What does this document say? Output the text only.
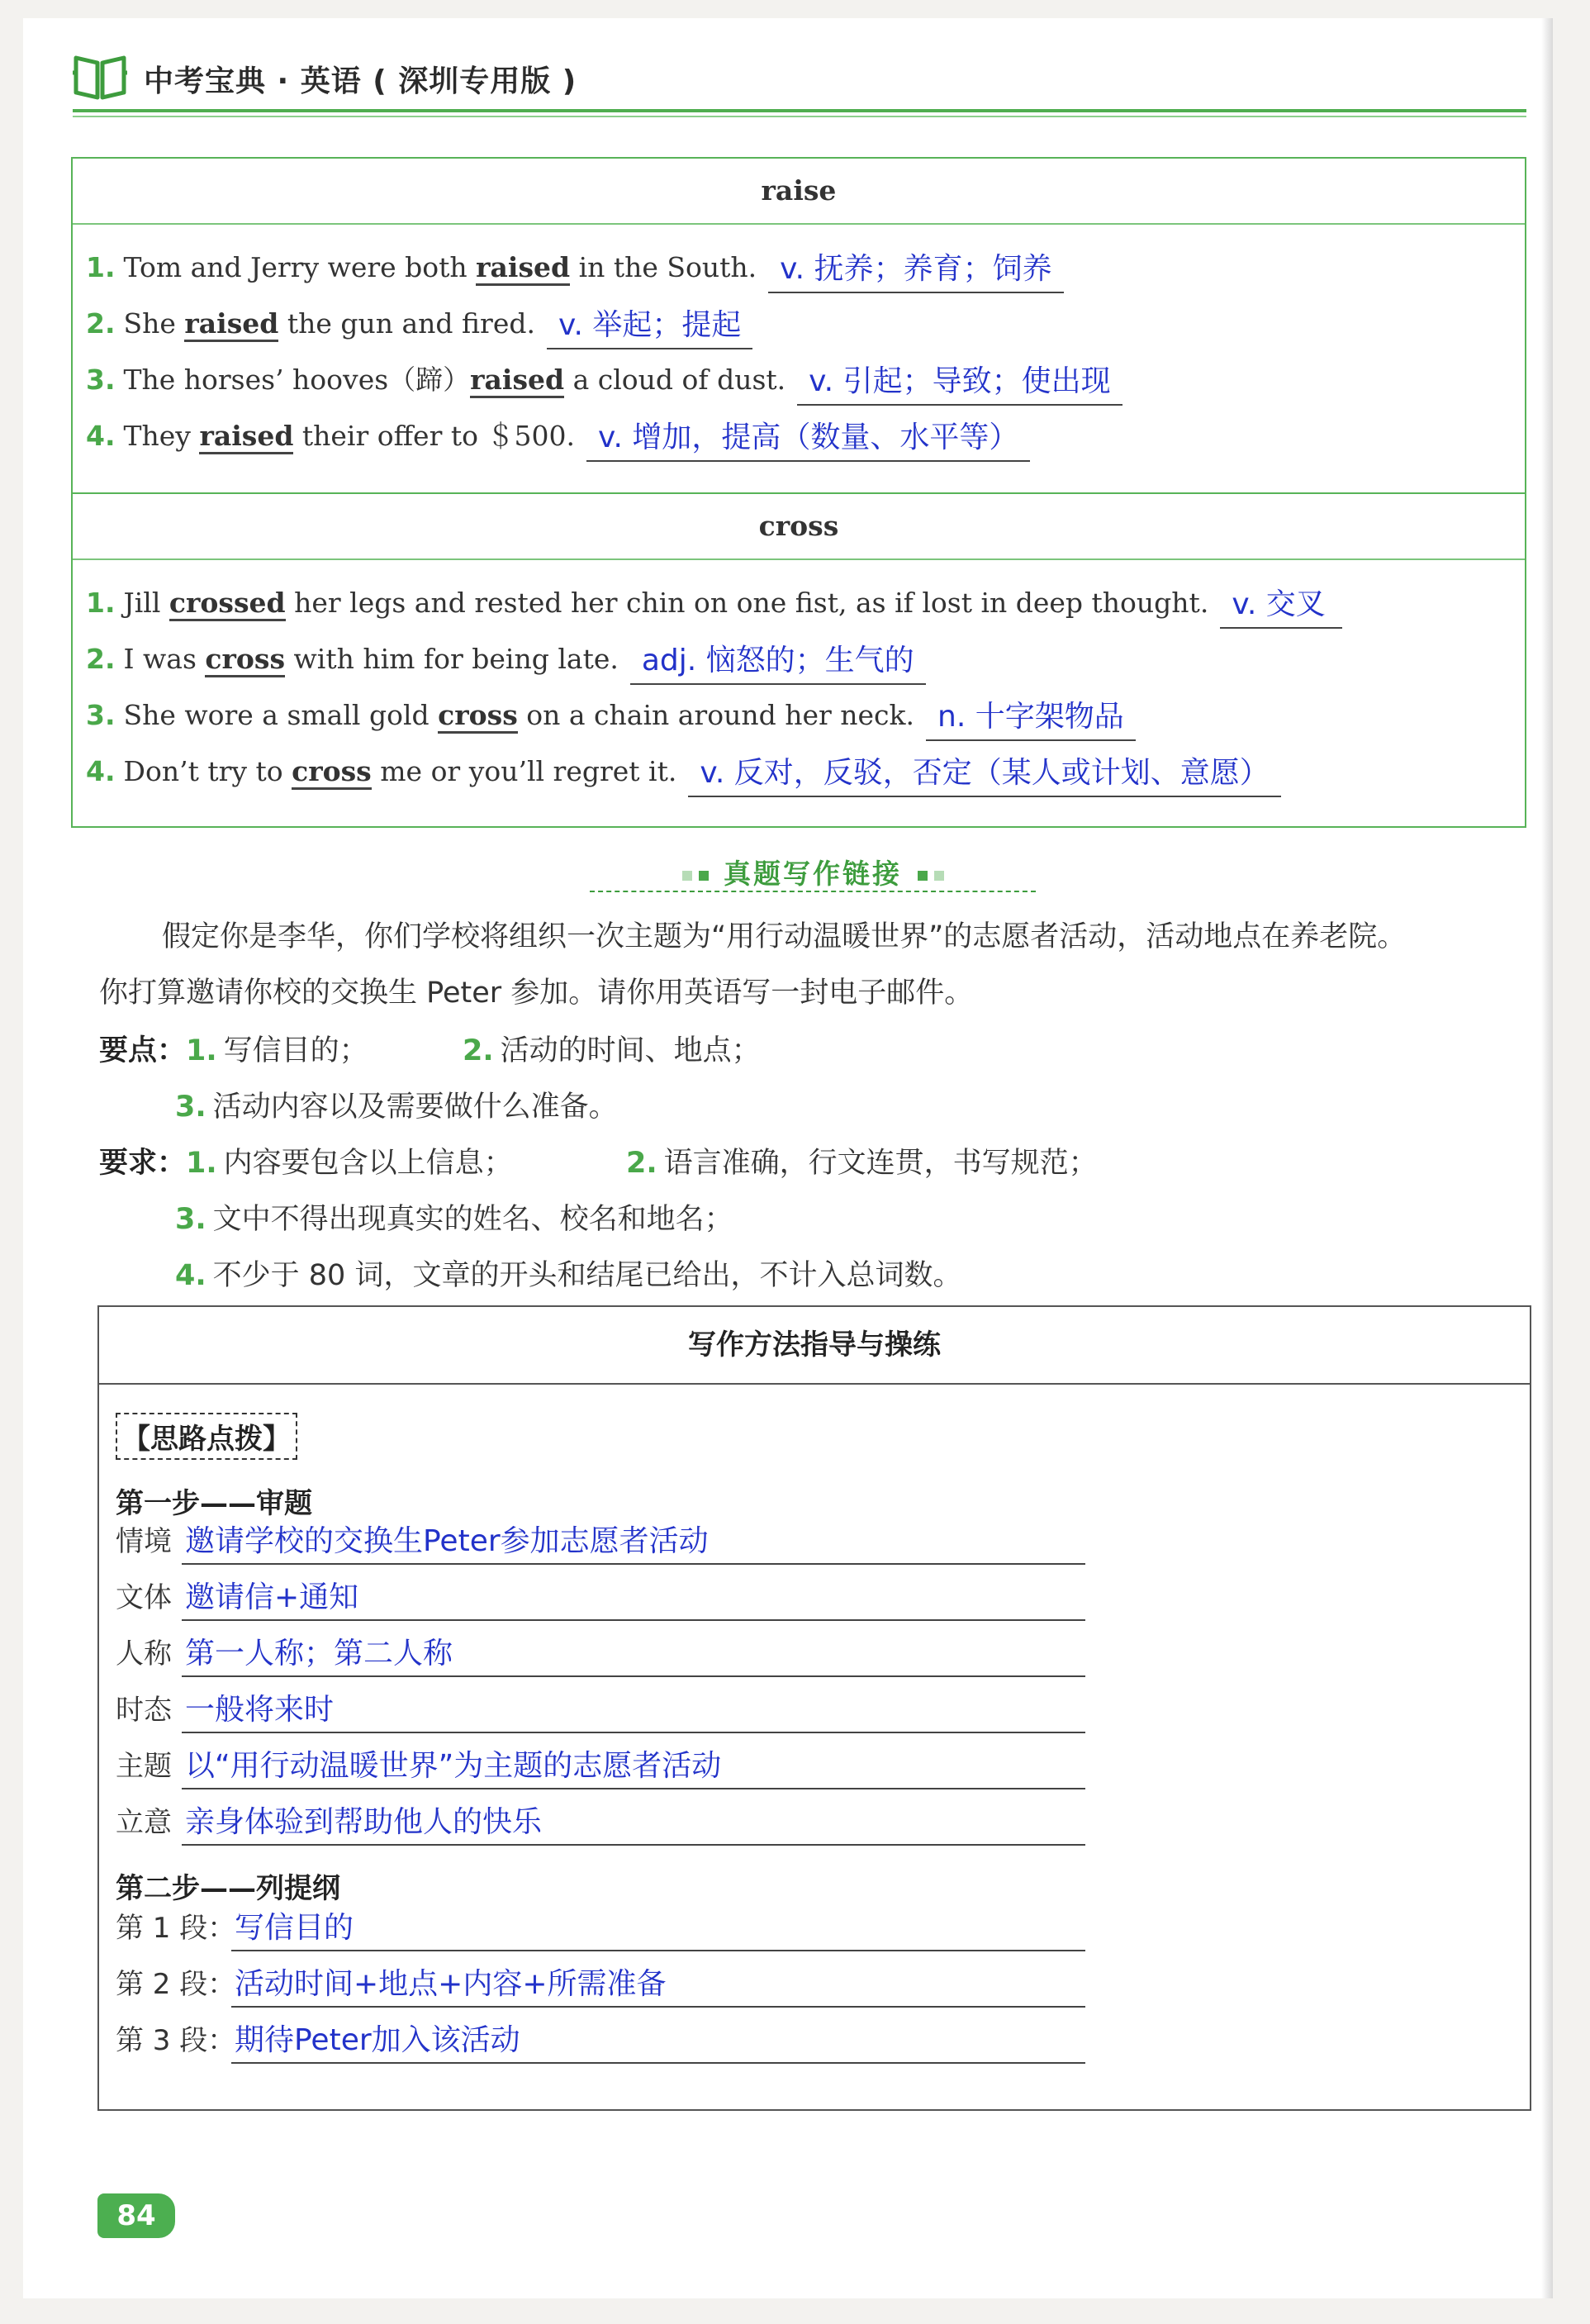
中考宝典 · 英语 ( 深圳专用版 )
raise
1. Tom and Jerry were both raised in the South. v. 抚养；养育；饲养
2. She raised the gun and fired. v. 举起；提起
3. The horses’ hooves（蹄）raised a cloud of dust. v. 引起；导致；使出现
4. They raised their offer to ＄500. v. 增加，提高（数量、水平等）
cross
1. Jill crossed her legs and rested her chin on one fist, as if lost in deep thought. v. 交叉
2. I was cross with him for being late. adj. 恼怒的；生气的
3. She wore a small gold cross on a chain around her neck. n. 十字架物品
4. Don’t try to cross me or you’ll regret it. v. 反对，反驳，否定（某人或计划、意愿）
真题写作链接
假定你是李华，你们学校将组织一次主题为“用行动温暖世界”的志愿者活动，活动地点在养老院。
你打算邀请你校的交换生 Peter 参加。请你用英语写一封电子邮件。
要点：1. 写信目的；	2. 活动的时间、地点；
3. 活动内容以及需要做什么准备。
要求：1. 内容要包含以上信息；	2. 语言准确，行文连贯，书写规范；
3. 文中不得出现真实的姓名、校名和地名；
4. 不少于 80 词，文章的开头和结尾已给出，不计入总词数。
写作方法指导与操练
【思路点拨】
第一步——审题
情境 邀请学校的交换生Peter参加志愿者活动
文体 邀请信+通知
人称 第一人称；第二人称
时态 一般将来时
主题 以“用行动温暖世界”为主题的志愿者活动
立意 亲身体验到帮助他人的快乐
第二步——列提纲
第 1 段：写信目的
第 2 段：活动时间+地点+内容+所需准备
第 3 段：期待Peter加入该活动
84
